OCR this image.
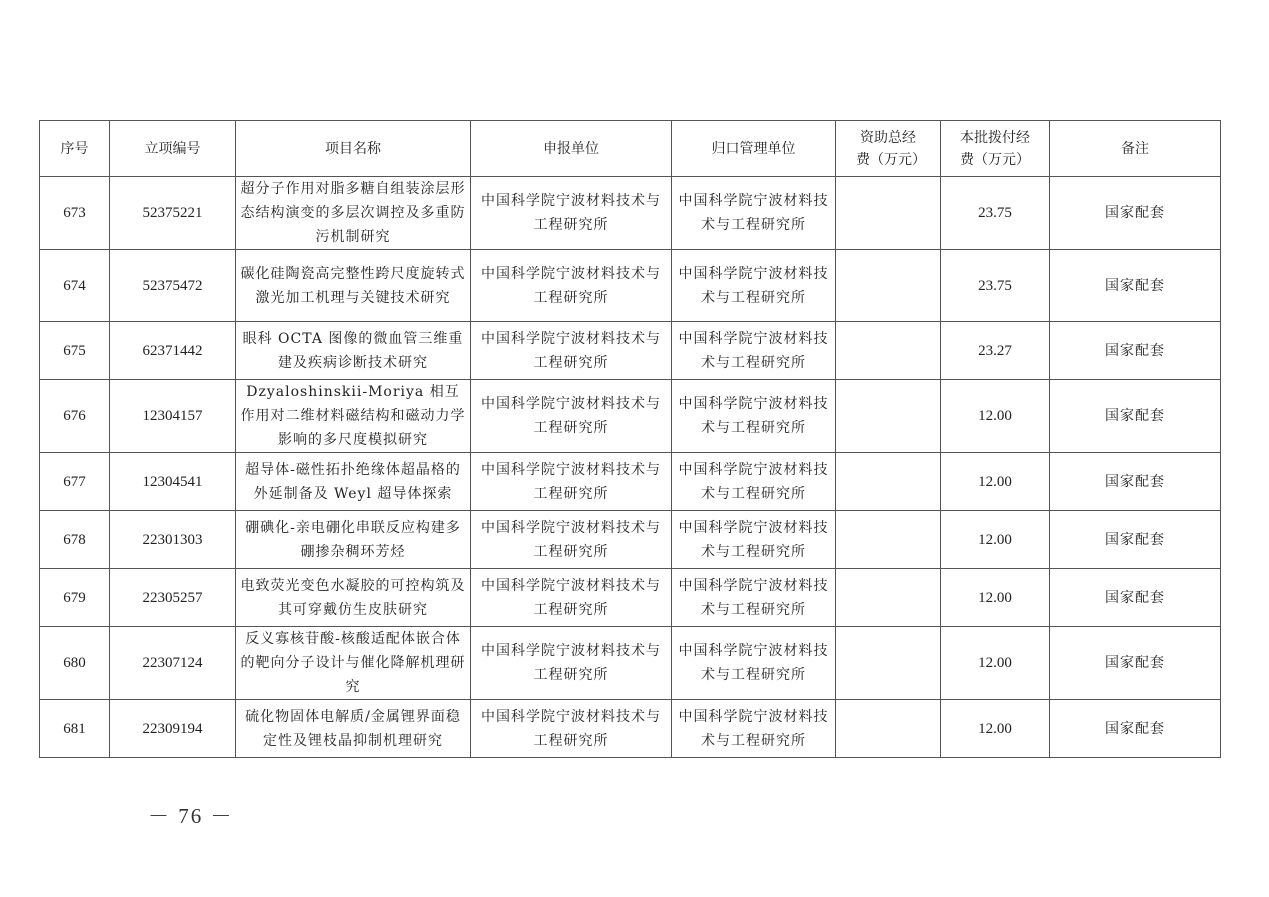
序号	立项编号	项目名称	申报单位	归口管理单位	资助总经费（万元）	本批拨付经费（万元）	备注
673	52375221	超分子作用对脂多糖自组装涂层形态结构演变的多层次调控及多重防污机制研究	中国科学院宁波材料技术与工程研究所	中国科学院宁波材料技术与工程研究所		23.75	国家配套
674	52375472	碳化硅陶瓷高完整性跨尺度旋转式激光加工机理与关键技术研究	中国科学院宁波材料技术与工程研究所	中国科学院宁波材料技术与工程研究所		23.75	国家配套
675	62371442	眼科 OCTA 图像的微血管三维重建及疾病诊断技术研究	中国科学院宁波材料技术与工程研究所	中国科学院宁波材料技术与工程研究所		23.27	国家配套
676	12304157	Dzyaloshinskii-Moriya 相互作用对二维材料磁结构和磁动力学影响的多尺度模拟研究	中国科学院宁波材料技术与工程研究所	中国科学院宁波材料技术与工程研究所		12.00	国家配套
677	12304541	超导体-磁性拓扑绝缘体超晶格的外延制备及 Weyl 超导体探索	中国科学院宁波材料技术与工程研究所	中国科学院宁波材料技术与工程研究所		12.00	国家配套
678	22301303	硼碘化-亲电硼化串联反应构建多硼掺杂稠环芳烃	中国科学院宁波材料技术与工程研究所	中国科学院宁波材料技术与工程研究所		12.00	国家配套
679	22305257	电致荧光变色水凝胶的可控构筑及其可穿戴仿生皮肤研究	中国科学院宁波材料技术与工程研究所	中国科学院宁波材料技术与工程研究所		12.00	国家配套
680	22307124	反义寡核苷酸-核酸适配体嵌合体的靶向分子设计与催化降解机理研究	中国科学院宁波材料技术与工程研究所	中国科学院宁波材料技术与工程研究所		12.00	国家配套
681	22309194	硫化物固体电解质/金属锂界面稳定性及锂枝晶抑制机理研究	中国科学院宁波材料技术与工程研究所	中国科学院宁波材料技术与工程研究所		12.00	国家配套
－ 76 －
